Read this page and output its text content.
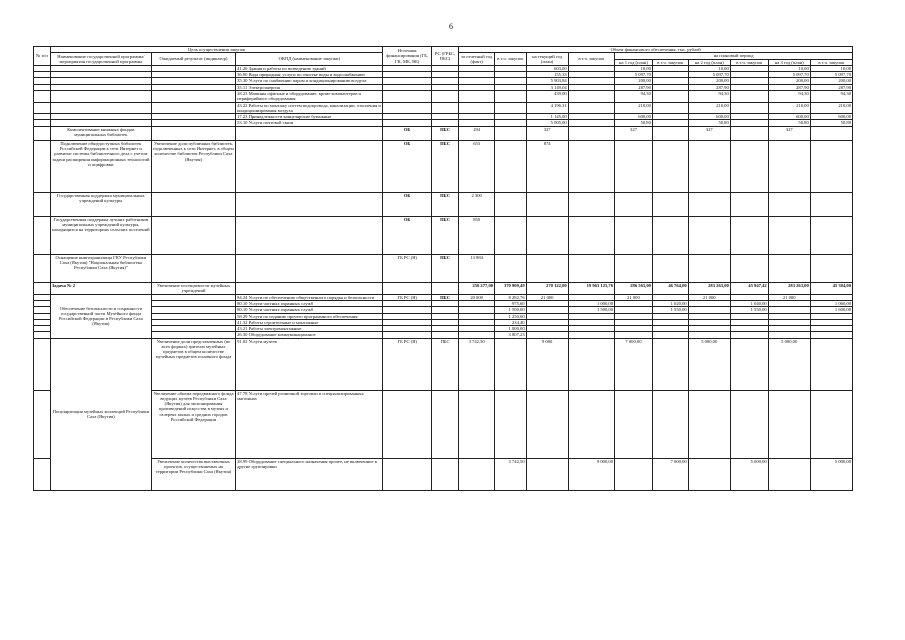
6
№ п/п	Цель осуществления закупок			Источник финансирования (ГБ, ГК, МБ, ВБ)	РС (ГРБС, ПБС)	Объем финансового обеспечения, тыс. рублей									
	Наименование государственной программы/ мероприятия государственной программы	Ожидаемый результат (индикатор)	ОКПД (наименование закупки)			за отчетный год (факт)	в т.ч. закупок	на текущий год (план)	в т.ч. закупок	на плановый период					
										на 1 год (план)	в т.ч. закупок	на 2 год (план)	в т.ч. закупок	на 3 год (план)	в т.ч. закупок
			41.20 Здания и работы по возведению зданий					603,00		10,00		10,00		10,00	10,00
			36.00 Вода природная; услуги по очистке воды и водоснабжению					155,33		5 097,70		5 097,70		5 097,70	5 097,70
			35.30 Услуги по снабжению паром и кондиционированию воздуха					5 903,84		200,00		200,00		200,00	200,00
			35.11 Электроэнергия					3 149,04		287,90		287,90		287,90	287,90
			28.23 Машины офисные и оборудование, кроме компьютеров и периферийного оборудования					439,00		94,30		94,30		94,30	94,30
			43.22 Работы по монтажу систем водопровода, канализации, отопления и кондиционирования воздуха					4 196,31		210,00		210,00		210,00	210,00
			17.23 Принадлежности канцелярские бумажные					1 145,00		600,00		600,00		600,00	600,00
			53.10 Услуги почтовой связи					5 005,00		50,80		50,80		50,80	50,80
	Комплектование книжных фондов муниципальных библиотек			ОБ	ПБС	294		327		327		327		327	
	Подключение общедоступных библиотек Российской Федерации к сети Интернет и развитие системы библиотечного дела с учетом задачи расширения информационных технологий и оцифровки	Увеличение доли публичных библиотек, подключенных к сети Интернет, в общем количестве библиотек Республики Саха (Якутия)		ОБ	ПБС	653		874							
	Государственная поддержка муниципальных учреждений культуры			ОБ	ПБС	2 300									
	Государственная поддержка лучших работников муниципальных учреждений культуры, находящихся на территориях сельских поселений			ОБ	ПБС	850									
	Оснащение книгохранилища ГКУ Республики Саха (Якутия) "Национальная библиотека Республики Саха (Якутия)"			ГБ РС (Я)	ПБС	13 884									
	Задача № 2	Увеличение посещаемости музейных учреждений				256 277,00	370 909,49	270 122,00	19 963 125,76	286 563,00	46 764,00	283 263,00	45 947,42	283 263,00	45 384,00
	Обеспечение безопасности и сохранности государственной части Музейного фонда Российской Федерации и Республики Саха (Якутия)		84.24 Услуги по обеспечению общественного порядка и безопасности	ГБ РС (Я)	ПБС	20 000	8 282,76	21 000		21 000		21 000		21 000	
			80.10 Услуги частных охранных служб				975,60		1 000,00		1 020,00		1 040,00		1 060,00
			80.10 Услуги частных охранных служб				1 500,00		1 500,00		1 550,00		1 550,00		1 600,00
			58.29 Услуги по изданию прочего программного обеспечения				1 250,00								
			41.32 Работы строительные и монтажные				234,40								
			43.21 Работы электромонтажные				1 000,00								
			26.30 Оборудование коммуникационное				3 807,23								
	Популяризация музейных коллекций Республики Саха (Якутия)	Увеличение доли представленных (во всех формах) зрителю музейных предметов в общем количестве музейных предметов основного фонда	91.02 Услуги музеев	ГБ РС (Я)	ПБС	3 742,50		9 000		7 000,00		5 000,00		5 000,00	
		Увеличение объема передвижного фонда ведущих музеев Республики Саха (Якутия) для экспонирования произведений искусства в музеях и галереях малых и средних городов Российской Федерации	47.78 Услуги прочей розничной торговли в специализированных магазинах												
		Увеличение количества выставочных проектов, осуществляемых на территории Республики Саха (Якутия)	28.99 Оборудование специального назначения прочее, не включенное в другие группировки				3 742,50		9 000,00		7 000,00		5 000,00		5 000,00
